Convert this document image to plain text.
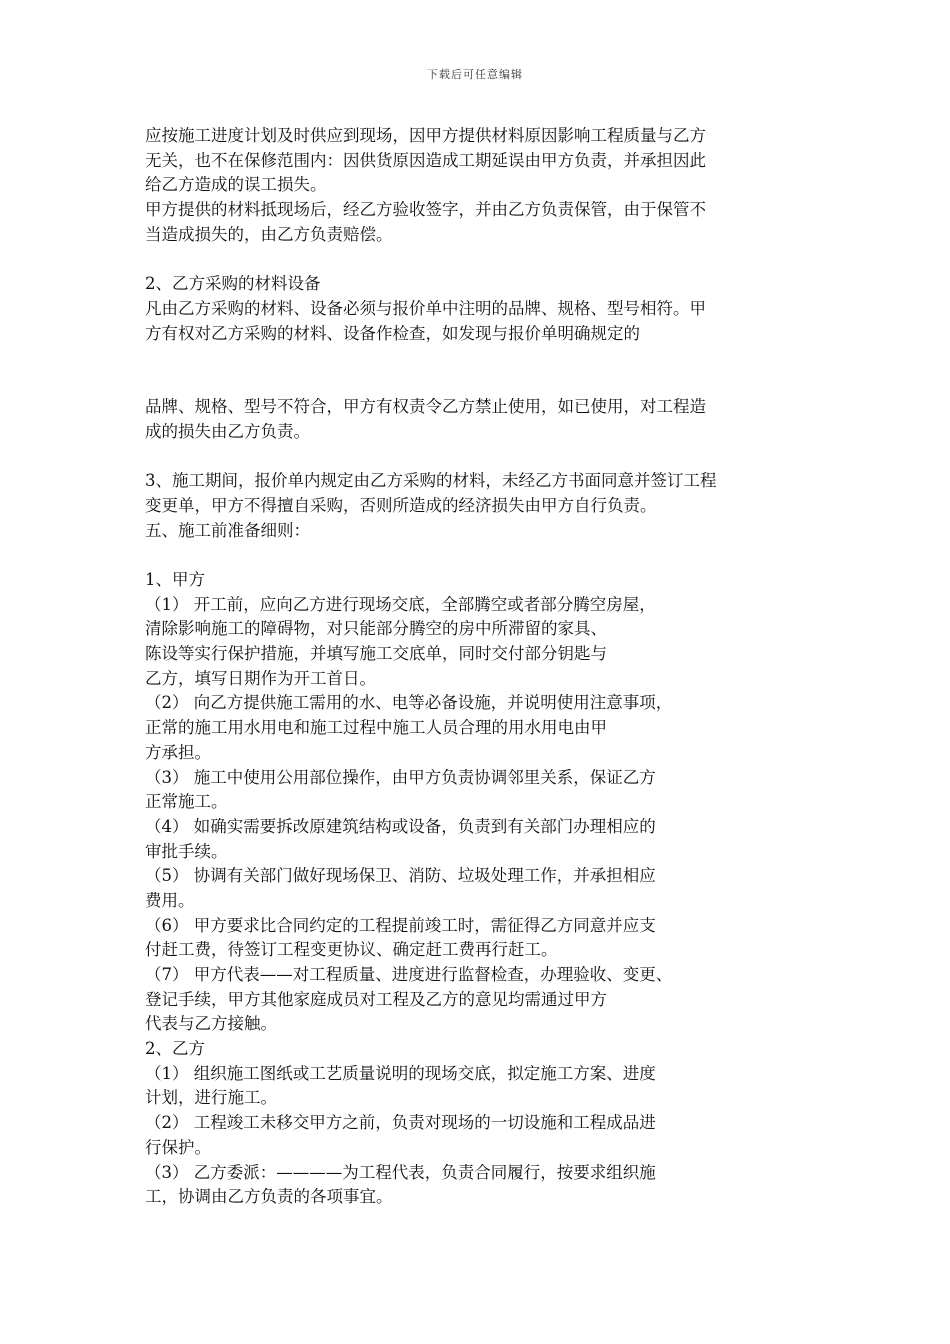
下载后可任意编辑
应按施工进度计划及时供应到现场，因甲方提供材料原因影响工程质量与乙方
无关，也不在保修范围内：因供货原因造成工期延误由甲方负责，并承担因此
给乙方造成的误工损失。
甲方提供的材料抵现场后，经乙方验收签字，并由乙方负责保管，由于保管不
当造成损失的，由乙方负责赔偿。
2、乙方采购的材料设备
凡由乙方采购的材料、设备必须与报价单中注明的品牌、规格、型号相符。甲
方有权对乙方采购的材料、设备作检查，如发现与报价单明确规定的
品牌、规格、型号不符合，甲方有权责令乙方禁止使用，如已使用，对工程造
成的损失由乙方负责。
3、施工期间，报价单内规定由乙方采购的材料，未经乙方书面同意并签订工程
变更单，甲方不得擅自采购，否则所造成的经济损失由甲方自行负责。
五、施工前准备细则：
1、甲方
（1） 开工前，应向乙方进行现场交底，全部腾空或者部分腾空房屋，
清除影响施工的障碍物，对只能部分腾空的房中所滞留的家具、
陈设等实行保护措施，并填写施工交底单，同时交付部分钥匙与
乙方，填写日期作为开工首日。
（2） 向乙方提供施工需用的水、电等必备设施，并说明使用注意事项，
正常的施工用水用电和施工过程中施工人员合理的用水用电由甲
方承担。
（3） 施工中使用公用部位操作，由甲方负责协调邻里关系，保证乙方
正常施工。
（4） 如确实需要拆改原建筑结构或设备，负责到有关部门办理相应的
审批手续。
（5） 协调有关部门做好现场保卫、消防、垃圾处理工作，并承担相应
费用。
（6） 甲方要求比合同约定的工程提前竣工时，需征得乙方同意并应支
付赶工费，待签订工程变更协议、确定赶工费再行赶工。
（7） 甲方代表——对工程质量、进度进行监督检查，办理验收、变更、
登记手续，甲方其他家庭成员对工程及乙方的意见均需通过甲方
代表与乙方接触。
2、乙方
（1） 组织施工图纸或工艺质量说明的现场交底，拟定施工方案、进度
计划，进行施工。
（2） 工程竣工未移交甲方之前，负责对现场的一切设施和工程成品进
行保护。
（3） 乙方委派：————为工程代表，负责合同履行，按要求组织施
工，协调由乙方负责的各项事宜。
